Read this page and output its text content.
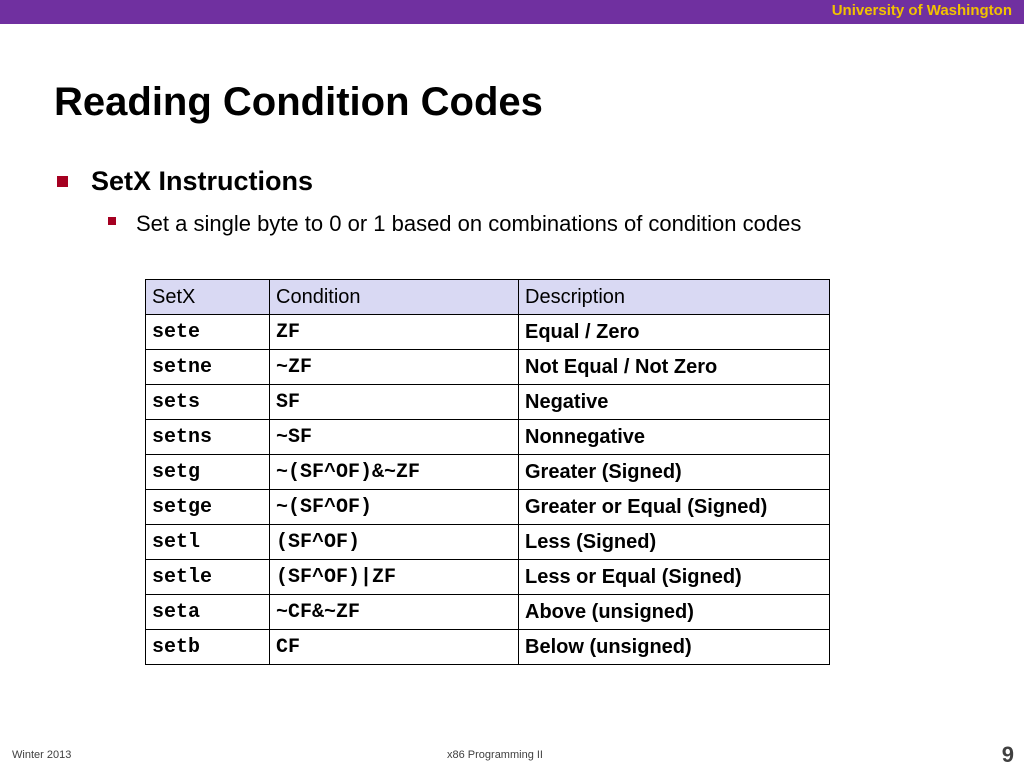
University of Washington
Reading Condition Codes
SetX Instructions
Set a single byte to 0 or 1 based on combinations of condition codes
SetX	Condition	Description
sete	ZF	Equal / Zero
setne	~ZF	Not Equal / Not Zero
sets	SF	Negative
setns	~SF	Nonnegative
setg	~(SF^OF)&~ZF	Greater (Signed)
setge	~(SF^OF)	Greater or Equal (Signed)
setl	(SF^OF)	Less (Signed)
setle	(SF^OF)|ZF	Less or Equal (Signed)
seta	~CF&~ZF	Above (unsigned)
setb	CF	Below (unsigned)
Winter 2013	x86 Programming II	9
